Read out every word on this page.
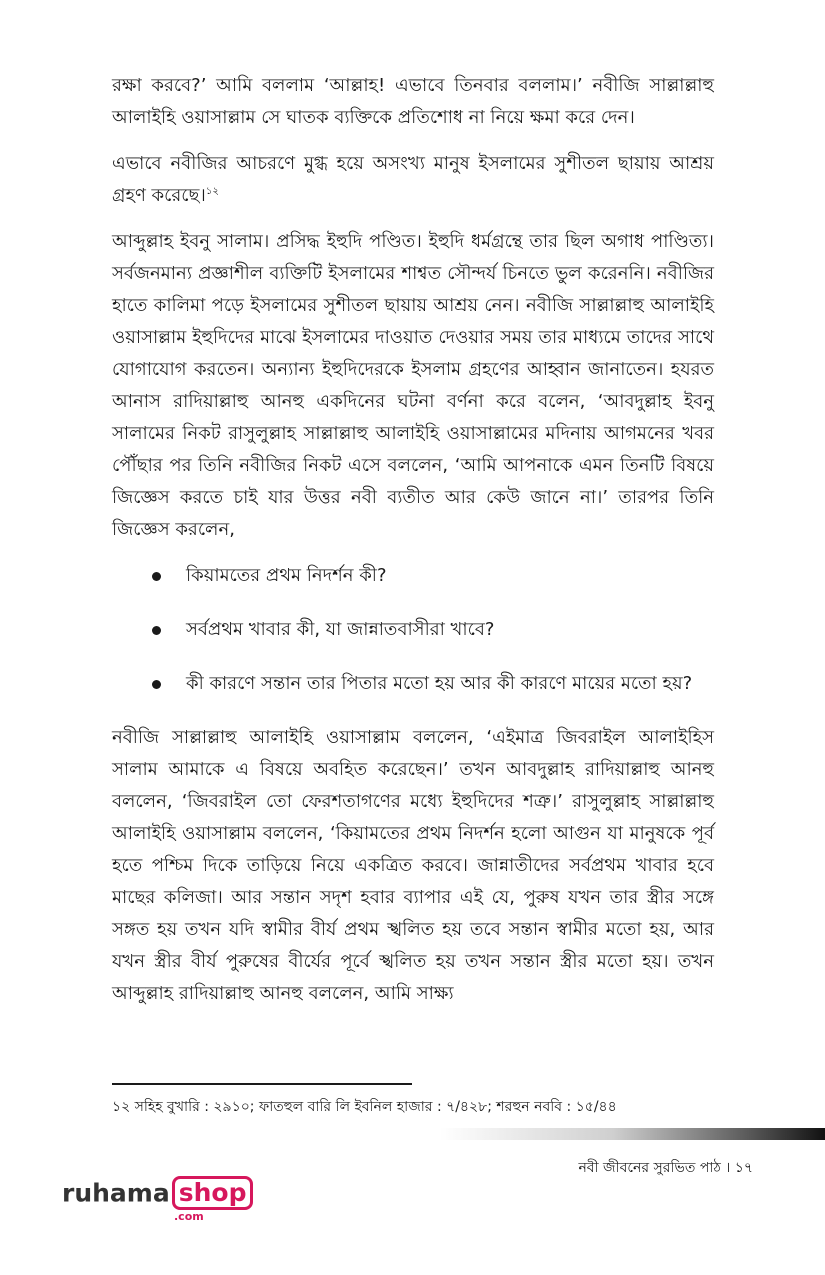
রক্ষা করবে?’ আমি বললাম ‘আল্লাহ! এভাবে তিনবার বললাম।’ নবীজি সাল্লাল্লাহু আলাইহি ওয়াসাল্লাম সে ঘাতক ব্যক্তিকে প্রতিশোধ না নিয়ে ক্ষমা করে দেন।

এভাবে নবীজির আচরণে মুগ্ধ হয়ে অসংখ্য মানুষ ইসলামের সুশীতল ছায়ায় আশ্রয় গ্রহণ করেছে।$^{১২}$

আব্দুল্লাহ ইবনু সালাম। প্রসিদ্ধ ইহুদি পণ্ডিত। ইহুদি ধর্মগ্রন্থে তার ছিল অগাধ পাণ্ডিত্য। সর্বজনমান্য প্রজ্ঞাশীল ব্যক্তিটি ইসলামের শাশ্বত সৌন্দর্য চিনতে ভুল করেননি। নবীজির হাতে কালিমা পড়ে ইসলামের সুশীতল ছায়ায় আশ্রয় নেন। নবীজি সাল্লাল্লাহু আলাইহি ওয়াসাল্লাম ইহুদিদের মাঝে ইসলামের দাওয়াত দেওয়ার সময় তার মাধ্যমে তাদের সাথে যোগাযোগ করতেন। অন্যান্য ইহুদিদেরকে ইসলাম গ্রহণের আহ্বান জানাতেন। হযরত আনাস রাদিয়াল্লাহু আনহু একদিনের ঘটনা বর্ণনা করে বলেন, ‘আবদুল্লাহ ইবনু সালামের নিকট রাসুলুল্লাহ সাল্লাল্লাহু আলাইহি ওয়াসাল্লামের মদিনায় আগমনের খবর পৌঁছার পর তিনি নবীজির নিকট এসে বললেন, ‘আমি আপনাকে এমন তিনটি বিষয়ে জিজ্ঞেস করতে চাই যার উত্তর নবী ব্যতীত আর কেউ জানে না।’ তারপর তিনি জিজ্ঞেস করলেন,

কিয়ামতের প্রথম নিদর্শন কী?
সর্বপ্রথম খাবার কী, যা জান্নাতবাসীরা খাবে?
কী কারণে সন্তান তার পিতার মতো হয় আর কী কারণে মায়ের মতো হয়?

নবীজি সাল্লাল্লাহু আলাইহি ওয়াসাল্লাম বললেন, ‘এইমাত্র জিবরাইল আলাইহিস সালাম আমাকে এ বিষয়ে অবহিত করেছেন।’ তখন আবদুল্লাহ রাদিয়াল্লাহু আনহু বললেন, ‘জিবরাইল তো ফেরশতাগণের মধ্যে ইহুদিদের শত্রু।’ রাসুলুল্লাহ সাল্লাল্লাহু আলাইহি ওয়াসাল্লাম বললেন, ‘কিয়ামতের প্রথম নিদর্শন হলো আগুন যা মানুষকে পূর্ব হতে পশ্চিম দিকে তাড়িয়ে নিয়ে একত্রিত করবে। জান্নাতীদের সর্বপ্রথম খাবার হবে মাছের কলিজা। আর সন্তান সদৃশ হবার ব্যাপার এই যে, পুরুষ যখন তার স্ত্রীর সঙ্গে সঙ্গত হয় তখন যদি স্বামীর বীর্য প্রথম স্খলিত হয় তবে সন্তান স্বামীর মতো হয়, আর যখন স্ত্রীর বীর্য পুরুষের বীর্যের পূর্বে স্খলিত হয় তখন সন্তান স্ত্রীর মতো হয়। তখন আব্দুল্লাহ রাদিয়াল্লাহু আনহু বললেন, আমি সাক্ষ্য

১২ সহিহ বুখারি : ২৯১০; ফাতহুল বারি লি ইবনিল হাজার : ৭/৪২৮; শরহুন নববি : ১৫/৪৪
নবী জীবনের সুরভিত পাঠ । ১৭
ruhama shop
.com
